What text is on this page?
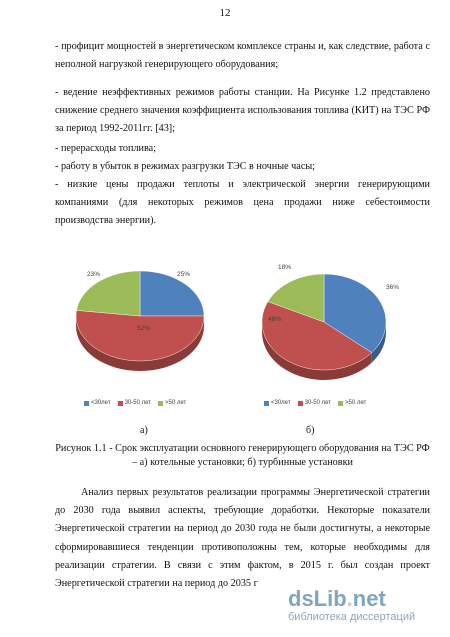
12

- профицит мощностей в энергетическом комплексе страны и, как следствие, работа с неполной нагрузкой генерирующего оборудования;

- ведение неэффективных режимов работы станции. На Рисунке 1.2 представлено снижение среднего значения коэффициента использования топлива (КИТ) на ТЭС РФ за период 1992-2011гг. [43];

- перерасходы топлива;

- работу в убыток в режимах разгрузки ТЭС в ночные часы;

- низкие цены продажи теплоты и электрической энергии генерирующими компаниями (для некоторых режимов цена продажи ниже себестоимости производства энергии).

25%
52%
23%
36%
46%
18%
<30лет 30-50 лет >50 лет	<30лет 30-50 лет >50 лет
а)	б)

Рисунок 1.1 - Срок эксплуатации основного генерирующего оборудования на ТЭС РФ – а) котельные установки; б) турбинные установки

Анализ первых результатов реализации программы Энергетической стратегии до 2030 года выявил аспекты, требующие доработки. Некоторые показатели Энергетической стратегии на период до 2030 года не были достигнуты, а некоторые сформировавшиеся тенденции противоположны тем, которые необходимы для реализации стратегии. В связи с этим фактом, в 2015 г. был создан проект Энергетической стратегии на период до 2035 г

dsLib.net
библиотека диссертаций
